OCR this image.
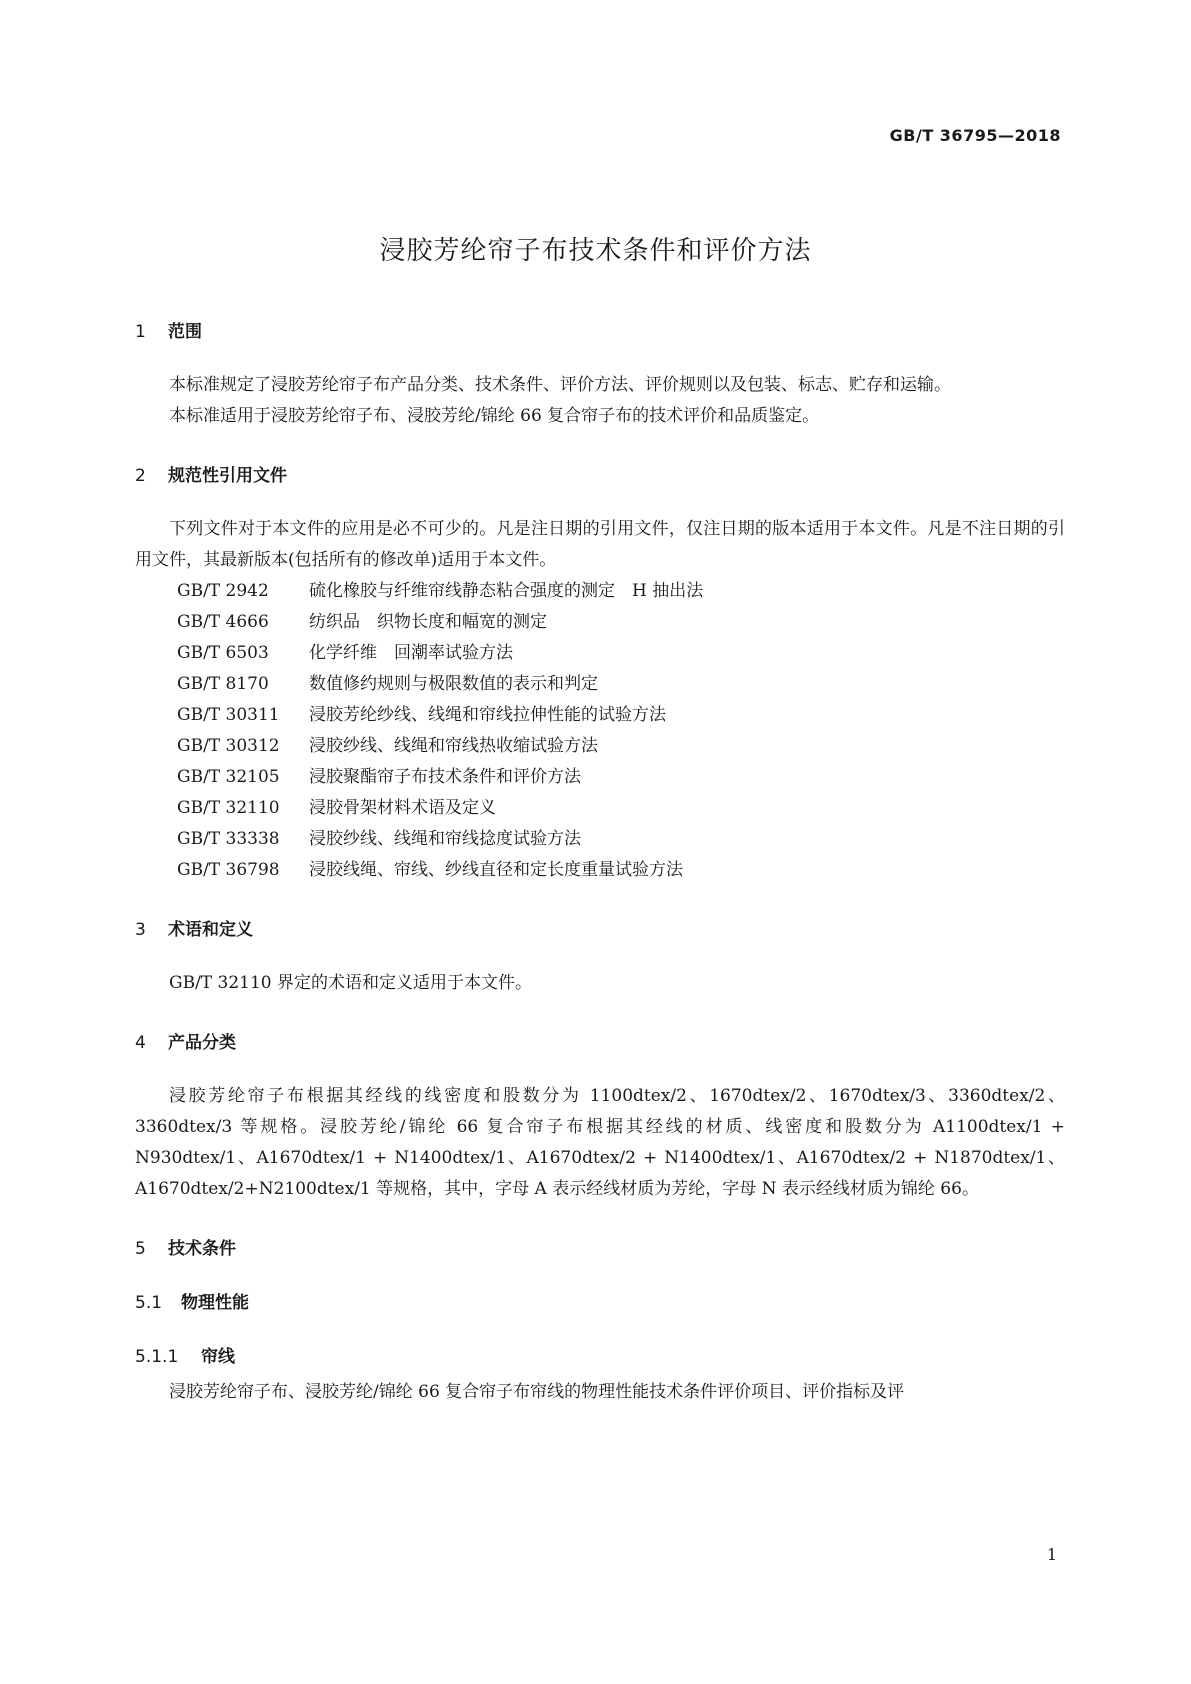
GB/T 36795—2018
浸胶芳纶帘子布技术条件和评价方法
1 范围

本标准规定了浸胶芳纶帘子布产品分类、技术条件、评价方法、评价规则以及包装、标志、贮存和运输。

本标准适用于浸胶芳纶帘子布、浸胶芳纶/锦纶 66 复合帘子布的技术评价和品质鉴定。

2 规范性引用文件

下列文件对于本文件的应用是必不可少的。凡是注日期的引用文件，仅注日期的版本适用于本文件。凡是不注日期的引用文件，其最新版本(包括所有的修改单)适用于本文件。

GB/T 2942 硫化橡胶与纤维帘线静态粘合强度的测定　H 抽出法
GB/T 4666 纺织品　织物长度和幅宽的测定
GB/T 6503 化学纤维　回潮率试验方法
GB/T 8170 数值修约规则与极限数值的表示和判定
GB/T 30311 浸胶芳纶纱线、线绳和帘线拉伸性能的试验方法
GB/T 30312 浸胶纱线、线绳和帘线热收缩试验方法
GB/T 32105 浸胶聚酯帘子布技术条件和评价方法
GB/T 32110 浸胶骨架材料术语及定义
GB/T 33338 浸胶纱线、线绳和帘线捻度试验方法
GB/T 36798 浸胶线绳、帘线、纱线直径和定长度重量试验方法
3 术语和定义

GB/T 32110 界定的术语和定义适用于本文件。

4 产品分类

浸胶芳纶帘子布根据其经线的线密度和股数分为 1100dtex/2、1670dtex/2、1670dtex/3、3360dtex/2、3360dtex/3 等规格。浸胶芳纶/锦纶 66 复合帘子布根据其经线的材质、线密度和股数分为 A1100dtex/1 + N930dtex/1、A1670dtex/1 + N1400dtex/1、A1670dtex/2 + N1400dtex/1、A1670dtex/2 + N1870dtex/1、A1670dtex/2+N2100dtex/1 等规格，其中，字母 A 表示经线材质为芳纶，字母 N 表示经线材质为锦纶 66。

5 技术条件
5.1 物理性能
5.1.1 帘线

浸胶芳纶帘子布、浸胶芳纶/锦纶 66 复合帘子布帘线的物理性能技术条件评价项目、评价指标及评

1
